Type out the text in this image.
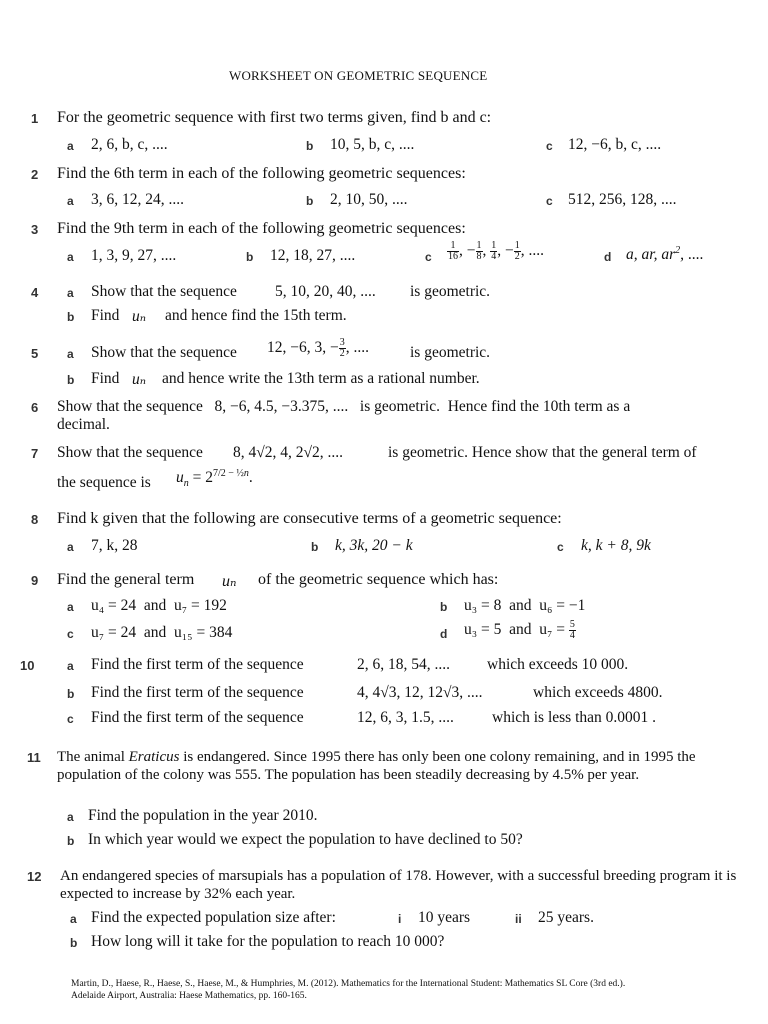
WORKSHEET ON GEOMETRIC SEQUENCE
1 For the geometric sequence with first two terms given, find b and c:
a 2, 6, b, c, ....	b 10, 5, b, c, ....	c 12, −6, b, c, ....
2 Find the 6th term in each of the following geometric sequences:
a 3, 6, 12, 24, ....	b 2, 10, 50, ....	c 512, 256, 128, ....
3 Find the 9th term in each of the following geometric sequences:
a 1, 3, 9, 27, ....	b 12, 18, 27, ....	c $\frac{1}{16}$ , − $\frac{1}{8}$ , $\frac{1}{4}$ , − $\frac{1}{2}$ , ....	d a, ar, $ar^2$, ....
4 a Show that the sequence 5, 10, 20, 40, .... is geometric.
b Find uₙ and hence find the 15th term.
5 a Show that the sequence 12, −6, 3, − $\frac{3}{2}$ , ....	is geometric.
b Find uₙ and hence write the 13th term as a rational number.
6 Show that the sequence   8, −6, 4.5, −3.375, ....   is geometric.  Hence find the 10th term as a
decimal.
7 Show that the sequence 8, 4√2, 4, 2√2, ....	is geometric. Hence show that the general term of
the sequence is $u_n = 2^{7/2 - \frac{1}{2}n}$.
8 Find k given that the following are consecutive terms of a geometric sequence:
a 7, k, 28	b k, 3k, 20 − k	c k, k + 8, 9k
9 Find the general term uₙ of the geometric sequence which has:
a u₄ = 24  and  u₇ = 192	b u₃ = 8  and  u₆ = −1
c u₇ = 24  and  u₁₅ = 384	d u₃ = 5  and  $u_7 = \frac{5}{4}$
10	a Find the first term of the sequence	2, 6, 18, 54, .... which exceeds 10 000.
b Find the first term of the sequence	4, 4√3, 12, 12√3, ....	which exceeds 4800.
c Find the first term of the sequence	12, 6, 3, 1.5, .... which is less than 0.0001 .
11 The animal Eraticus is endangered. Since 1995 there has only been one colony remaining, and in 1995 the population of the colony was 555. The population has been steadily decreasing by 4.5% per year.
a Find the population in the year 2010.
b In which year would we expect the population to have declined to 50?
12 An endangered species of marsupials has a population of 178. However, with a successful breeding program it is expected to increase by 32% each year.
a Find the expected population size after:	i 10 years	ii 25 years.
b How long will it take for the population to reach 10 000?
Martin, D., Haese, R., Haese, S., Haese, M., & Humphries, M. (2012). Mathematics for the International Student: Mathematics SL Core (3rd ed.).
Adelaide Airport, Australia: Haese Mathematics, pp. 160-165.
